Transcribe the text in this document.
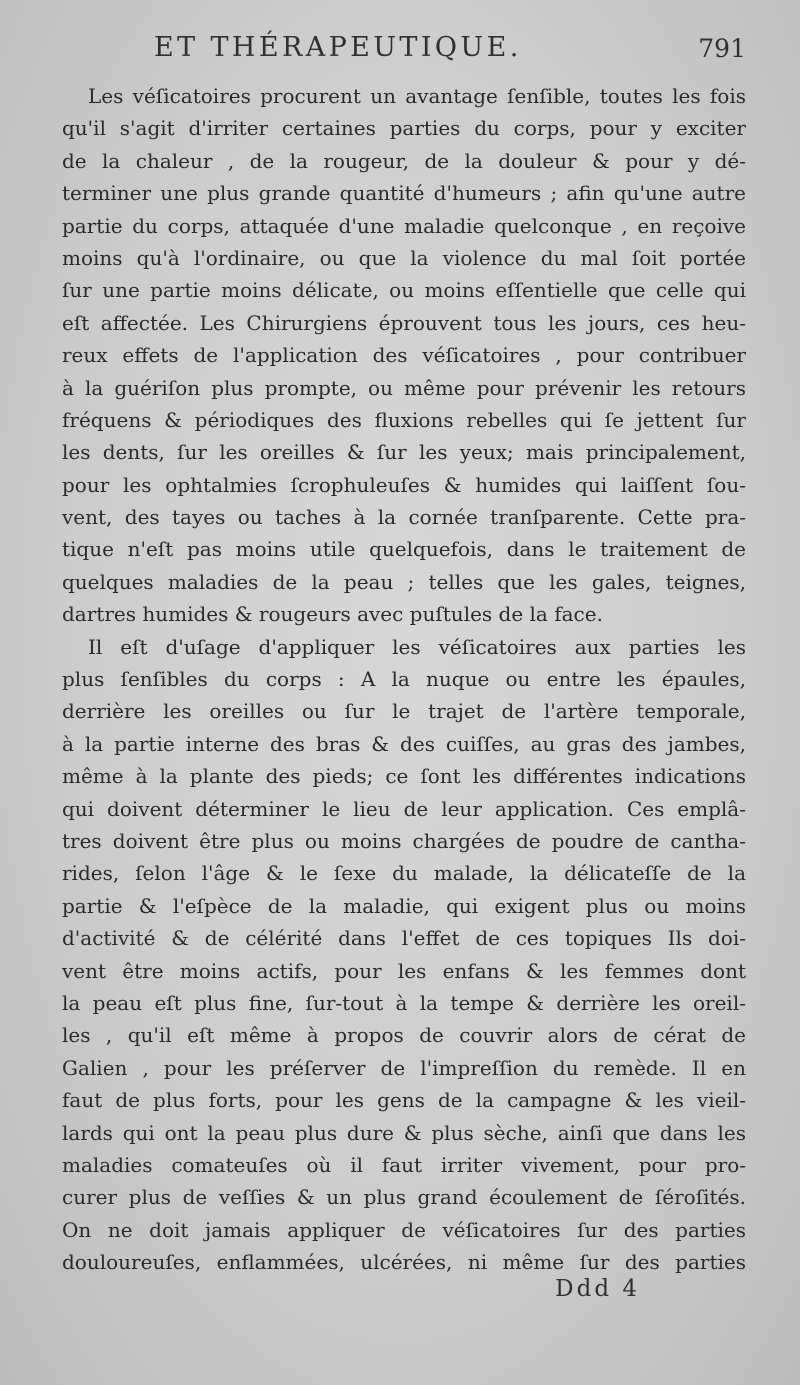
ET THÉRAPEUTIQUE.	791
Les véſicatoires procurent un avantage ſenſible, toutes les fois
qu'il s'agit d'irriter certaines parties du corps, pour y exciter
de la chaleur , de la rougeur, de la douleur & pour y dé-
terminer une plus grande quantité d'humeurs ; afin qu'une autre
partie du corps, attaquée d'une maladie quelconque , en reçoive
moins qu'à l'ordinaire, ou que la violence du mal ſoit portée
ſur une partie moins délicate, ou moins eſſentielle que celle qui
eſt affectée. Les Chirurgiens éprouvent tous les jours, ces heu-
reux effets de l'application des véſicatoires , pour contribuer
à la guériſon plus prompte, ou même pour prévenir les retours
fréquens & périodiques des fluxions rebelles qui ſe jettent ſur
les dents, ſur les oreilles & ſur les yeux; mais principalement,
pour les ophtalmies ſcrophuleuſes & humides qui laiſſent ſou-
vent, des tayes ou taches à la cornée tranſparente. Cette pra-
tique n'eſt pas moins utile quelquefois, dans le traitement de
quelques maladies de la peau ; telles que les gales, teignes,
dartres humides & rougeurs avec puſtules de la face.
Il eſt d'uſage d'appliquer les véſicatoires aux parties les
plus ſenſibles du corps : A la nuque ou entre les épaules,
derrière les oreilles ou ſur le trajet de l'artère temporale,
à la partie interne des bras & des cuiſſes, au gras des jambes,
même à la plante des pieds; ce ſont les différentes indications
qui doivent déterminer le lieu de leur application. Ces emplâ-
tres doivent être plus ou moins chargées de poudre de cantha-
rides, ſelon l'âge & le ſexe du malade, la délicateſſe de la
partie & l'eſpèce de la maladie, qui exigent plus ou moins
d'activité & de célérité dans l'effet de ces topiques Ils doi-
vent être moins actifs, pour les enfans & les femmes dont
la peau eſt plus fine, ſur-tout à la tempe & derrière les oreil-
les , qu'il eſt même à propos de couvrir alors de cérat de
Galien , pour les préſerver de l'impreſſion du remède. Il en
faut de plus forts, pour les gens de la campagne & les vieil-
lards qui ont la peau plus dure & plus sèche, ainſi que dans les
maladies comateuſes où il faut irriter vivement, pour pro-
curer plus de veſſies & un plus grand écoulement de ſéroſités.
On ne doit jamais appliquer de véſicatoires ſur des parties
douloureuſes, enflammées, ulcérées, ni même ſur des parties
Ddd 4
